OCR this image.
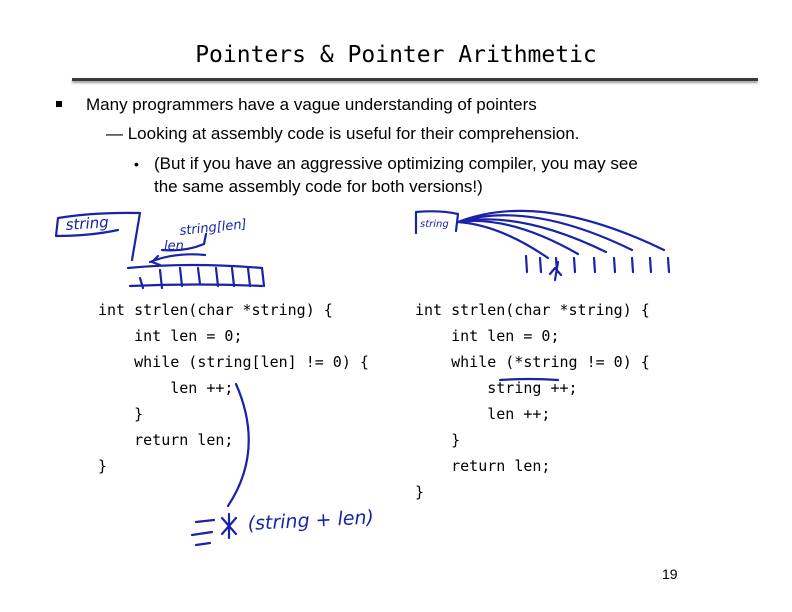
Pointers & Pointer Arithmetic
Many programmers have a vague understanding of pointers
— Looking at assembly code is useful for their comprehension.
• (But if you have an aggressive optimizing compiler, you may see
the same assembly code for both versions!)
int strlen(char *string) {
int len = 0;
while (string[len] != 0) {
len ++;
}
return len;
}
int strlen(char *string) {
int len = 0;
while (*string != 0) {
string ++;
len ++;
}
return len;
}
19
string	string[len]
len
string
(string + len)
